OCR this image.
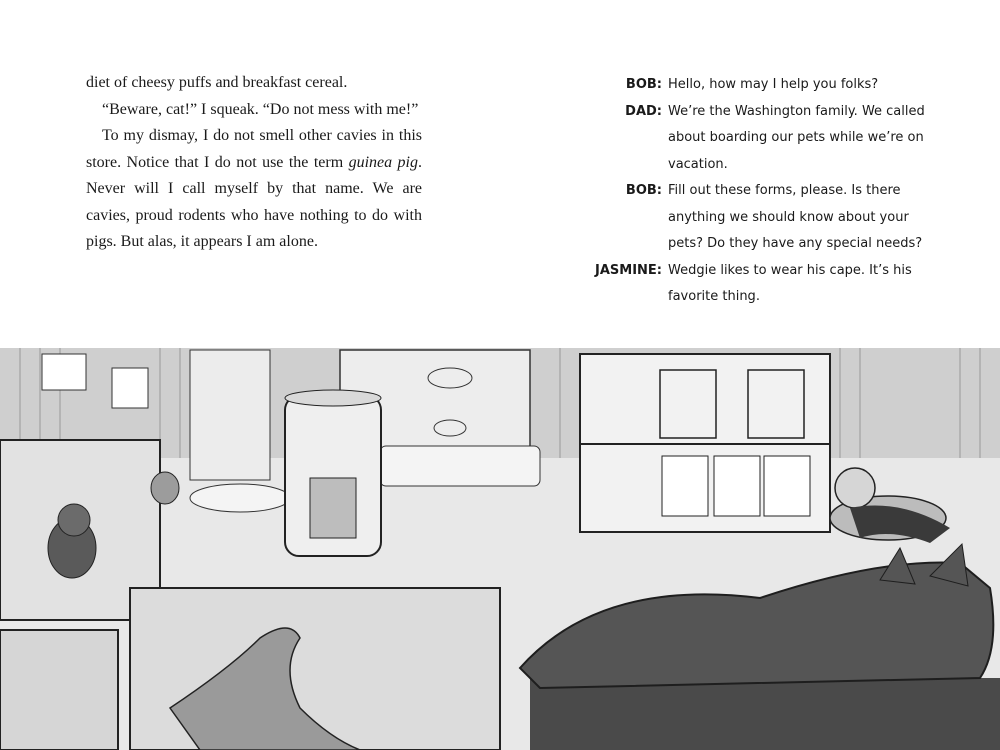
diet of cheesy puffs and breakfast cereal.

“Beware, cat!” I squeak. “Do not mess with me!”

To my dismay, I do not smell other cavies in this store. Notice that I do not use the term guinea pig. Never will I call myself by that name. We are cavies, proud rodents who have nothing to do with pigs. But alas, it appears I am alone.

BOB: Hello, how may I help you folks?
DAD: We’re the Washington family. We called about boarding our pets while we’re on vacation.
BOB: Fill out these forms, please. Is there anything we should know about your pets? Do they have any special needs?
JASMINE: Wedgie likes to wear his cape. It’s his favorite thing.
